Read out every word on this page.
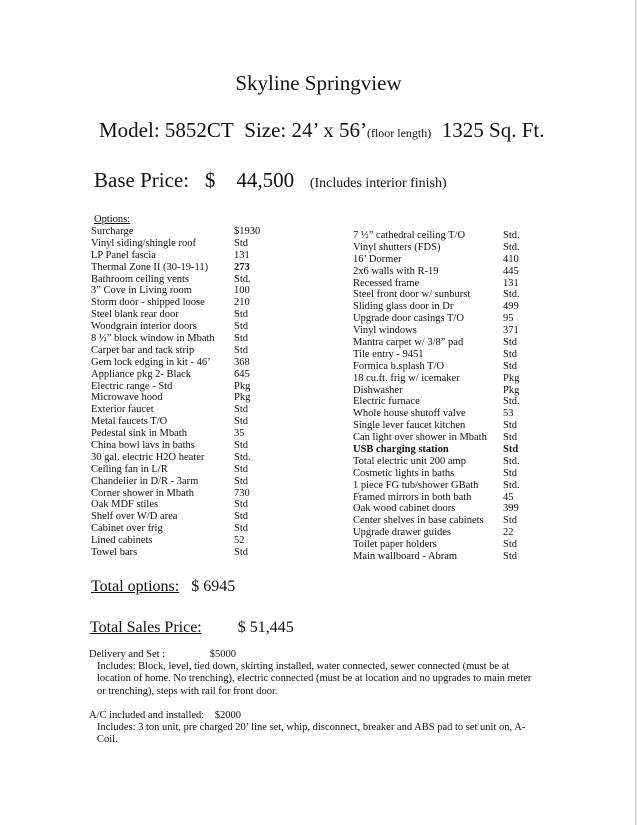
Skyline Springview
Model: 5852CT Size: 24’ x 56’(floor length) 1325 Sq. Ft.
Base Price: $ 44,500 (Includes interior finish)
Options:
Surcharge	$1930
Vinyl siding/shingle roof	Std
LP Panel fascia	131
Thermal Zone II (30-19-11) 273
Bathroom ceiling vents	Std.
3” Cove in Living room	100
Storm door - shipped loose	210
Steel blank rear door	Std
Woodgrain interior doors	Std
8 ½” block window in Mbath Std
Carpet bar and tack strip	Std
Gem lock edging in kit - 46’ 368
Appliance pkg 2- Black	645
Electric range - Std	Pkg
Microwave hood	Pkg
Exterior faucet	Std
Metal faucets T/O	Std
Pedestal sink in Mbath	35
China bowl lavs in baths	Std
30 gal. electric H2O heater	Std.
Ceiling fan in L/R	Std
Chandelier in D/R - 3arm	Std
Corner shower in Mbath	730
Oak MDF stiles	Std
Shelf over W/D area	Std
Cabinet over frig	Std
Lined cabinets	52
Towel bars	Std
7 ½” cathedral ceiling T/O	Std.
Vinyl shutters (FDS)	Std.
16’ Dormer	410
2x6 walls with R-19	445
Recessed frame	131
Steel front door w/ sunburst	Std.
Sliding glass door in Dr	499
Upgrade door casings T/O	95
Vinyl windows	371
Mantra carpet w/ 3/8” pad	Std
Tile entry - 9451	Std
Formica b.splash T/O	Std
18 cu.ft. frig w/ icemaker	Pkg
Dishwasher	Pkg
Electric furnace	Std.
Whole house shutoff valve	53
Single lever faucet kitchen	Std
Can light over shower in Mbath Std
USB charging station	Std
Total electric unit 200 amp	Std.
Cosmetic lights in baths	Std
1 piece FG tub/shower GBath Std.
Framed mirrors in both bath	45
Oak wood cabinet doors	399
Center shelves in base cabinets Std
Upgrade drawer guides	22
Toilet paper holders	Std
Main wallboard - Abram	Std
Total options: $ 6945
Total Sales Price: $ 51,445

Delivery and Set :	$5000

Includes: Block, level, tied down, skirting installed, water connected, sewer connected (must be at location of home. No trenching), electric connected (must be at location and no upgrades to main meter or trenching), steps with rail for front door.

A/C included and installed: $2000

Includes: 3 ton unit, pre charged 20’ line set, whip, disconnect, breaker and ABS pad to set unit on, A-Coil.
